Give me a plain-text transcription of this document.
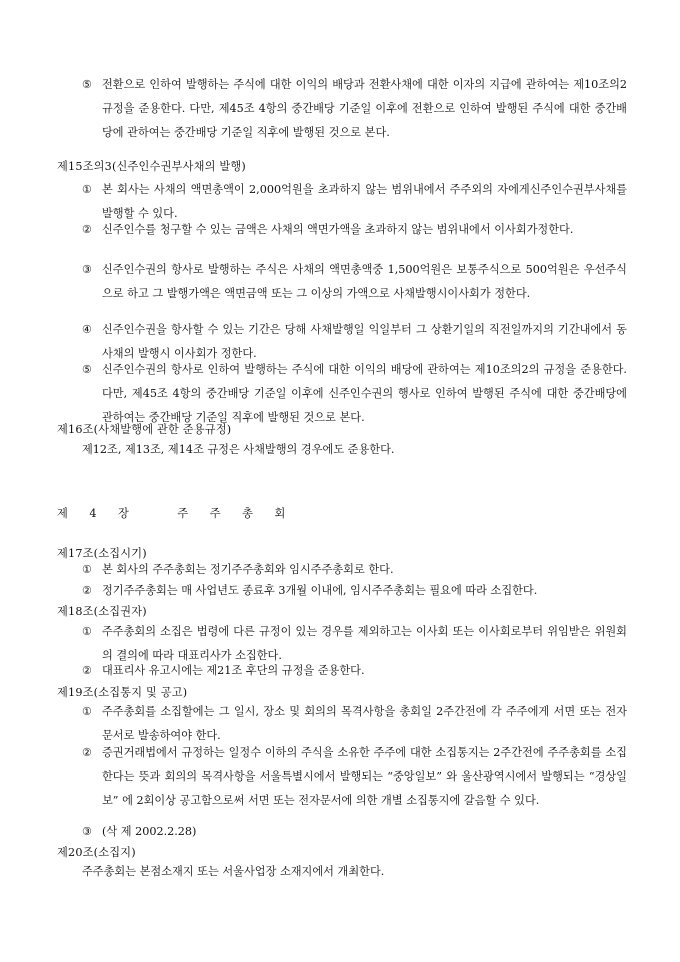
⑤ 전환으로 인하여 발행하는 주식에 대한 이익의 배당과 전환사채에 대한 이자의 지급에 관하여는 제10조의2 규정을 준용한다. 다만, 제45조 4항의 중간배당 기준일 이후에 전환으로 인하여 발행된 주식에 대한 중간배당에 관하여는 중간배당 기준일 직후에 발행된 것으로 본다.
제15조의3(신주인수권부사채의 발행)
① 본 회사는 사채의 액면총액이 2,000억원을 초과하지 않는 범위내에서 주주외의 자에게신주인수권부사채를 발행할 수 있다.
② 신주인수를 청구할 수 있는 금액은 사채의 액면가액을 초과하지 않는 범위내에서 이사회가정한다.
③ 신주인수권의 항사로 발행하는 주식은 사채의 액면총액중 1,500억원은 보통주식으로 500억원은 우선주식으로 하고 그 발행가액은 액면금액 또는 그 이상의 가액으로 사채발행시이사회가 정한다.
④ 신주인수권을 항사할 수 있는 기간은 당해 사채발행일 익일부터 그 상환기일의 직전일까지의 기간내에서 동 사채의 발행시 이사회가 정한다.
⑤ 신주인수권의 항사로 인하여 발행하는 주식에 대한 이익의 배당에 관하여는 제10조의2의 규정을 준용한다. 다만, 제45조 4항의 중간배당 기준일 이후에 신주인수권의 행사로 인하여 발행된 주식에 대한 중간배당에 관하여는 중간배당 기준일 직후에 발행된 것으로 본다.
제16조(사채발행에 관한 준용규정)
제12조, 제13조, 제14조 규정은 사채발행의 경우에도 준용한다.
제 4 장	주 주 총 회
제17조(소집시기)
① 본 회사의 주주총회는 정기주주총회와 임시주주총회로 한다.
② 정기주주총회는 매 사업년도 종료후 3개월 이내에, 임시주주총회는 필요에 따라 소집한다.
제18조(소집권자)
① 주주총회의 소집은 법령에 다른 규정이 있는 경우를 제외하고는 이사회 또는 이사회로부터 위임받은 위원회의 결의에 따라 대표리사가 소집한다.
② 대표리사 유고시에는 제21조 후단의 규정을 준용한다.
제19조(소집통지 및 공고)
① 주주총회를 소집할에는 그 일시, 장소 및 회의의 목격사항을 총회일 2주간전에 각 주주에게 서면 또는 전자문서로 발송하여야 한다.
② 증권거래법에서 규정하는 일정수 이하의 주식을 소유한 주주에 대한 소집통지는 2주간전에 주주총회를 소집한다는 뜻과 회의의 목격사항을 서울특별시에서 발행되는 “중앙일보” 와 울산광역시에서 발행되는 “경상일보” 에 2회이상 공고함으로써 서면 또는 전자문서에 의한 개별 소집통지에 갈음할 수 있다.
③ (삭 제 2002.2.28)
제20조(소집지)
주주총회는 본점소재지 또는 서울사업장 소재지에서 개최한다.
